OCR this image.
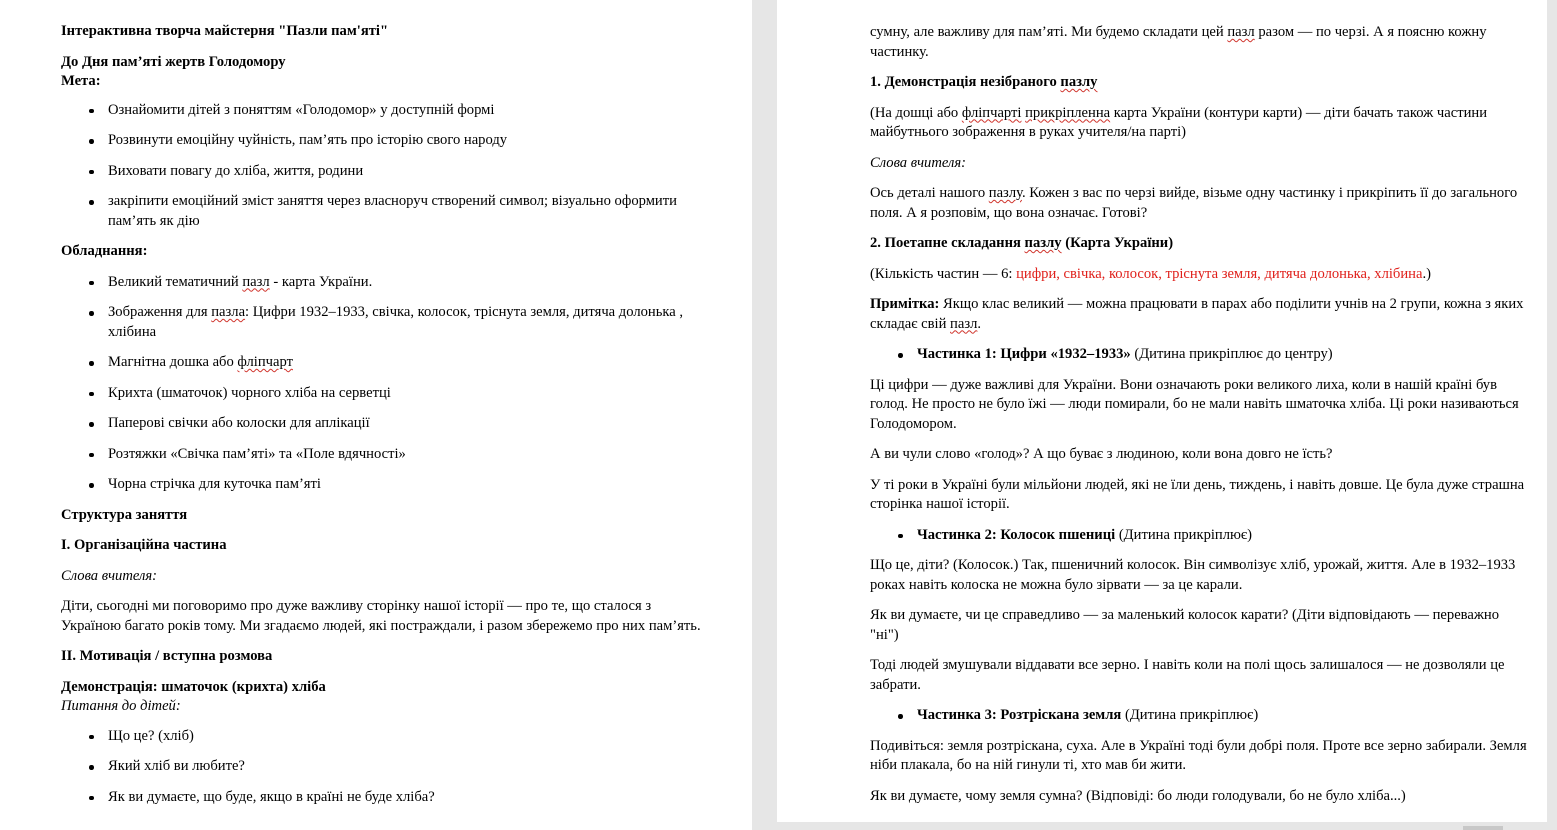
Інтерактивна творча майстерня "Пазли пам'яті"

До Дня пам’яті жертв Голодомору

Мета:

Ознайомити дітей з поняттям «Голодомор» у доступній формі
Розвинути емоційну чуйність, пам’ять про історію свого народу
Виховати повагу до хліба, життя, родини
закріпити емоційний зміст заняття через власноруч створений символ; візуально оформити пам’ять як дію

Обладнання:

Великий тематичний пазл - карта України.
Зображення для пазла: Цифри 1932–1933, свічка, колосок, тріснута земля, дитяча долонька , хлібина
Магнітна дошка або фліпчарт
Крихта (шматочок) чорного хліба на серветці
Паперові свічки або колоски для аплікації
Розтяжки «Свічка пам’яті» та «Поле вдячності»
Чорна стрічка для куточка пам’яті

Структура заняття

І. Організаційна частина

Слова вчителя:

Діти, сьогодні ми поговоримо про дуже важливу сторінку нашої історії — про те, що сталося з Україною багато років тому. Ми згадаємо людей, які постраждали, і разом збережемо про них пам’ять.

ІІ. Мотивація / вступна розмова

Демонстрація: шматочок (крихта) хліба

Питання до дітей:

Що це? (хліб)
Який хліб ви любите?
Як ви думаєте, що буде, якщо в країні не буде хліба?

сумну, але важливу для пам’яті. Ми будемо складати цей пазл разом — по черзі. А я поясню кожну частинку.

1. Демонстрація незібраного пазлу

(На дошці або фліпчарті прикріпленна карта України (контури карти) — діти бачать також частини майбутнього зображення в руках учителя/на парті)

Слова вчителя:

Ось деталі нашого пазлу. Кожен з вас по черзі вийде, візьме одну частинку і прикріпить її до загального поля. А я розповім, що вона означає. Готові?

2. Поетапне складання пазлу (Карта України)

(Кількість частин — 6: цифри, свічка, колосок, тріснута земля, дитяча долонька, хлібина.)

Примітка: Якщо клас великий — можна працювати в парах або поділити учнів на 2 групи, кожна з яких складає свій пазл.

Частинка 1: Цифри «1932–1933» (Дитина прикріплює до центру)

Ці цифри — дуже важливі для України. Вони означають роки великого лиха, коли в нашій країні був голод. Не просто не було їжі — люди помирали, бо не мали навіть шматочка хліба. Ці роки називаються Голодомором.

А ви чули слово «голод»? А що буває з людиною, коли вона довго не їсть?

У ті роки в Україні були мільйони людей, які не їли день, тиждень, і навіть довше. Це була дуже страшна сторінка нашої історії.

Частинка 2: Колосок пшениці (Дитина прикріплює)

Що це, діти? (Колосок.) Так, пшеничний колосок. Він символізує хліб, урожай, життя. Але в 1932–1933 роках навіть колоска не можна було зірвати — за це карали.

Як ви думаєте, чи це справедливо — за маленький колосок карати? (Діти відповідають — переважно "ні")

Тоді людей змушували віддавати все зерно. І навіть коли на полі щось залишалося — не дозволяли це забрати.

Частинка 3: Розтріскана земля (Дитина прикріплює)

Подивіться: земля розтріскана, суха. Але в Україні тоді були добрі поля. Проте все зерно забирали. Земля ніби плакала, бо на ній гинули ті, хто мав би жити.

Як ви думаєте, чому земля сумна? (Відповіді: бо люди голодували, бо не було хліба...)
